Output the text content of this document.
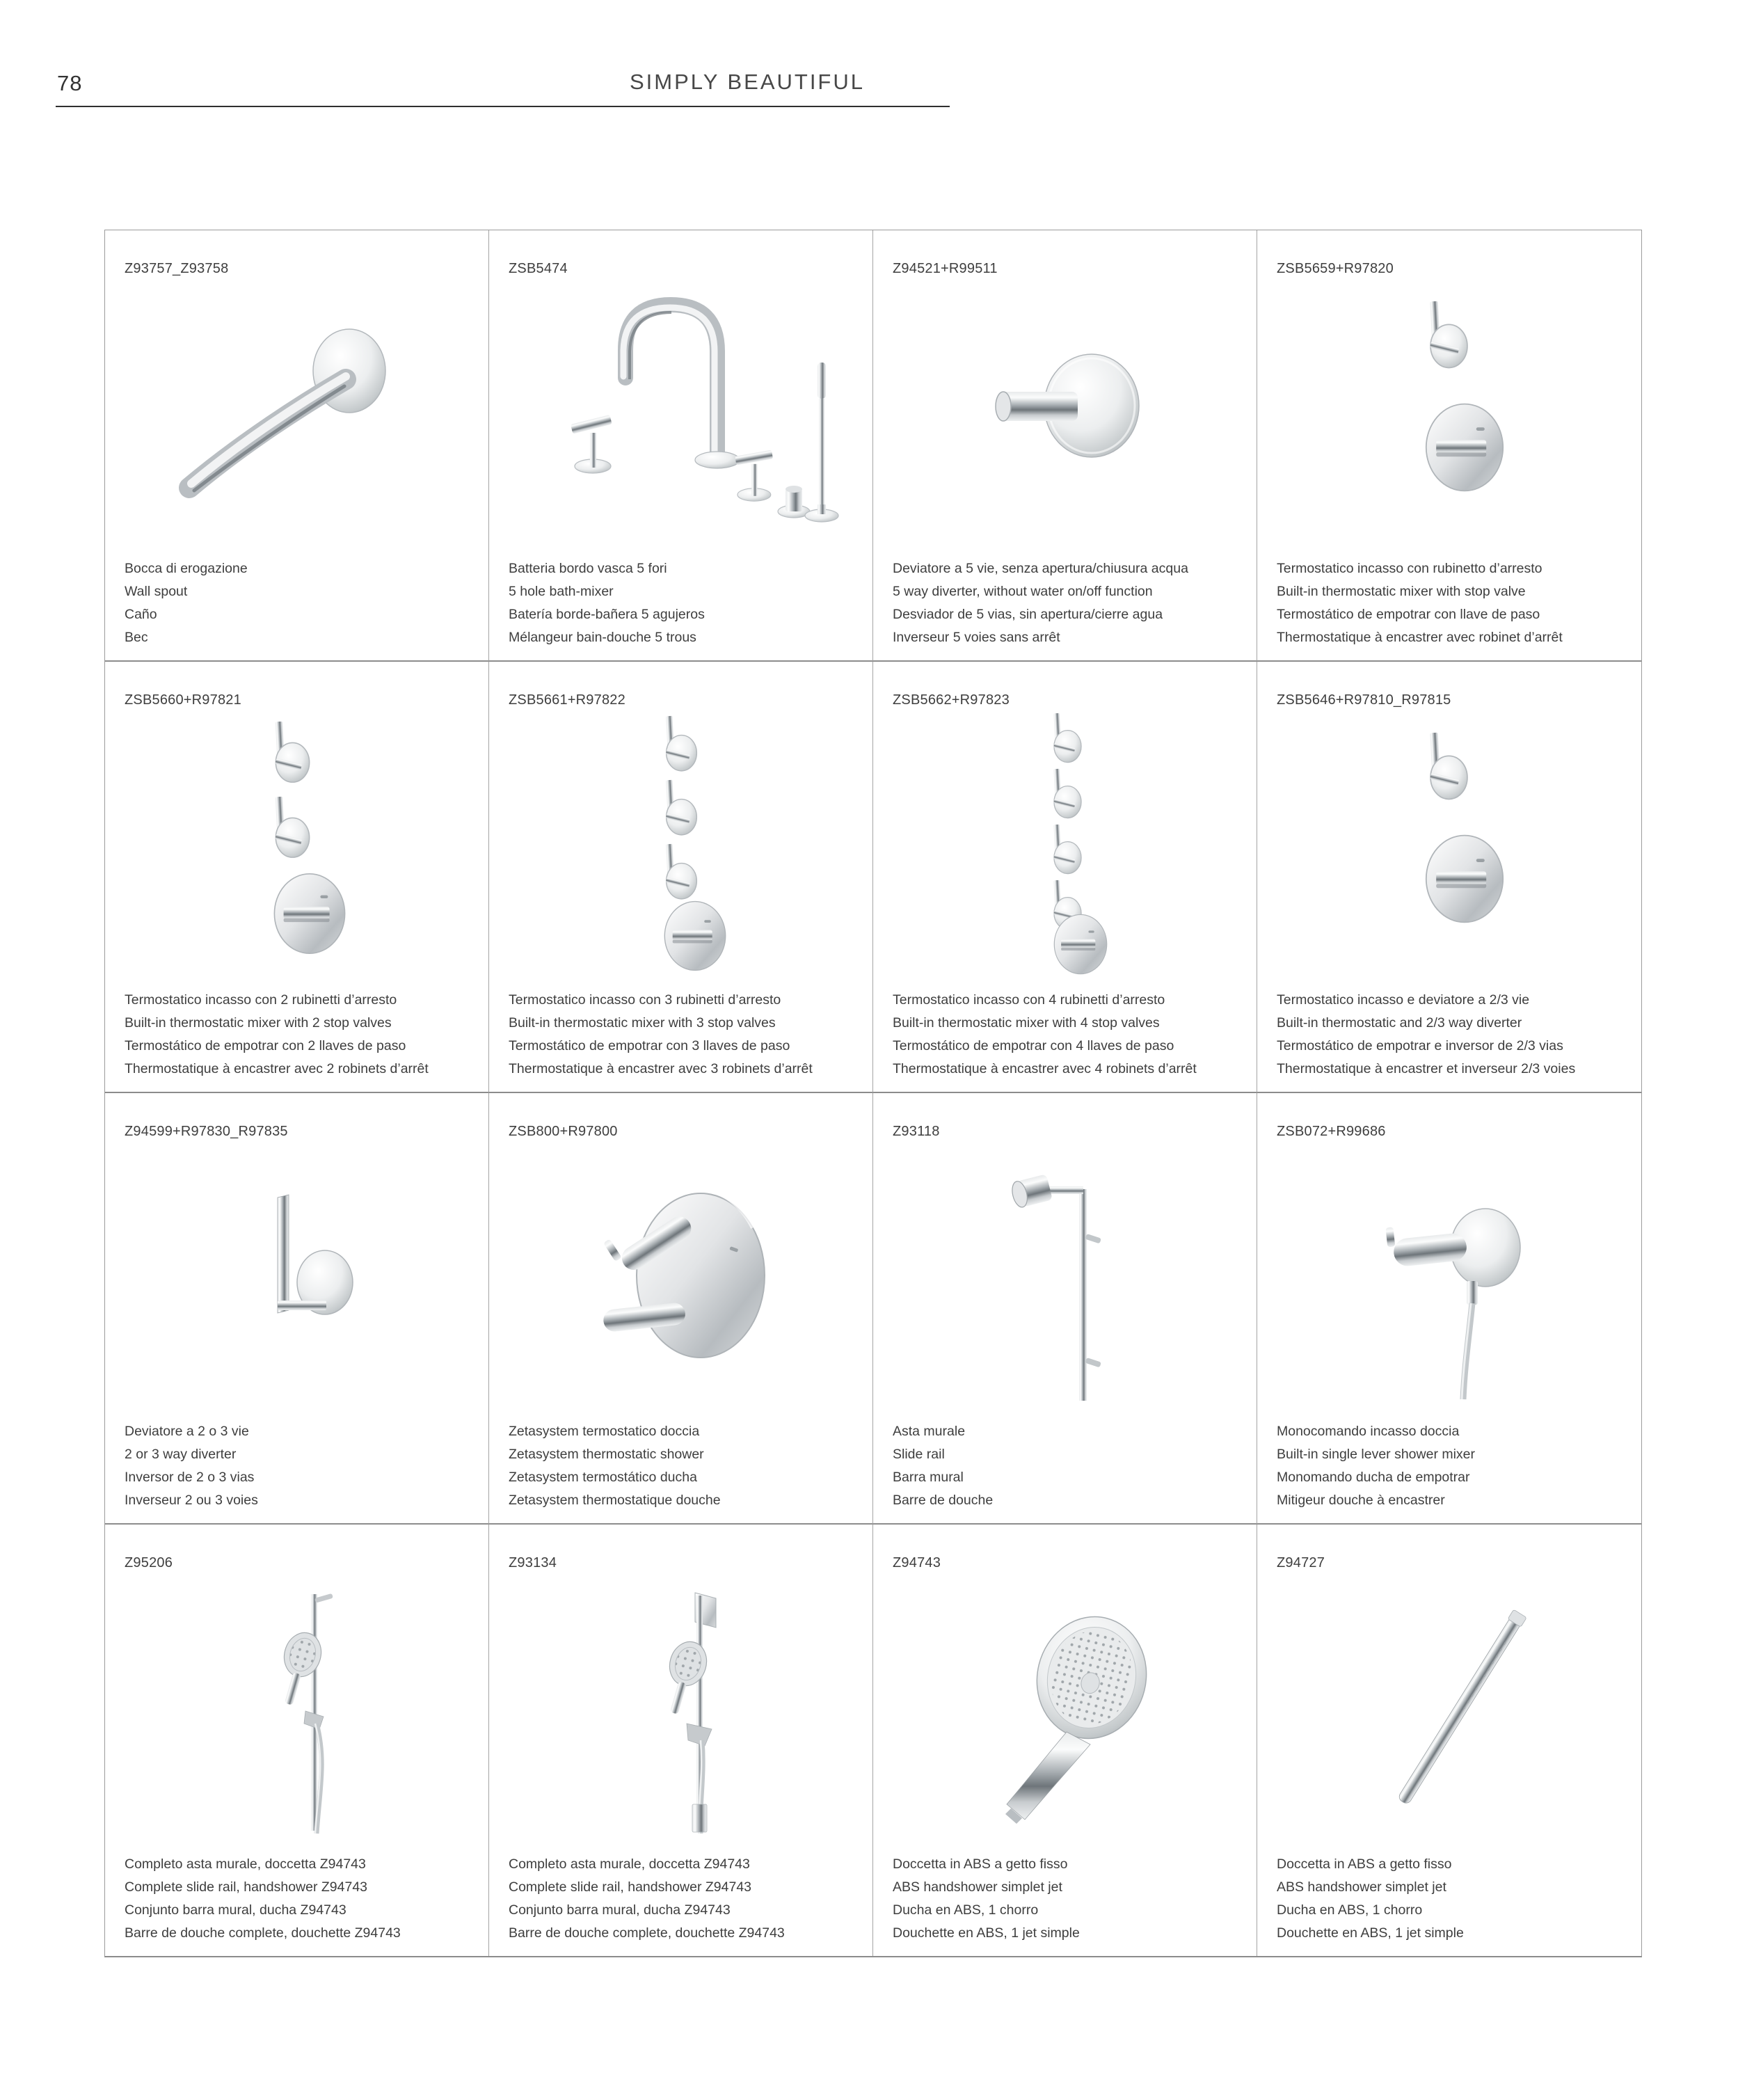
78	SIMPLY BEAUTIFUL
Z93757_Z93758
Bocca di erogazione
Wall spout
Caño
Bec
ZSB5474
Batteria bordo vasca 5 fori
5 hole bath-mixer
Batería borde-bañera 5 agujeros
Mélangeur bain-douche 5 trous
Z94521+R99511
Deviatore a 5 vie, senza apertura/chiusura acqua
5 way diverter, without water on/off function
Desviador de 5 vias, sin apertura/cierre agua
Inverseur 5 voies sans arrêt
ZSB5659+R97820
Termostatico incasso con rubinetto d’arresto
Built-in thermostatic mixer with stop valve
Termostático de empotrar con llave de paso
Thermostatique à encastrer avec robinet d’arrêt
ZSB5660+R97821
Termostatico incasso con 2 rubinetti d’arresto
Built-in thermostatic mixer with 2 stop valves
Termostático de empotrar con 2 llaves de paso
Thermostatique à encastrer avec 2 robinets d’arrêt
ZSB5661+R97822
Termostatico incasso con 3 rubinetti d’arresto
Built-in thermostatic mixer with 3 stop valves
Termostático de empotrar con 3 llaves de paso
Thermostatique à encastrer avec 3 robinets d’arrêt
ZSB5662+R97823
Termostatico incasso con 4 rubinetti d’arresto
Built-in thermostatic mixer with 4 stop valves
Termostático de empotrar con 4 llaves de paso
Thermostatique à encastrer avec 4 robinets d’arrêt
ZSB5646+R97810_R97815
Termostatico incasso e deviatore a 2/3 vie
Built-in thermostatic and 2/3 way diverter
Termostático de empotrar e inversor de 2/3 vias
Thermostatique à encastrer et inverseur 2/3 voies
Z94599+R97830_R97835
Deviatore a 2 o 3 vie
2 or 3 way diverter
Inversor de 2 o 3 vias
Inverseur 2 ou 3 voies
ZSB800+R97800
Zetasystem termostatico doccia
Zetasystem thermostatic shower
Zetasystem termostático ducha
Zetasystem thermostatique douche
Z93118
Asta murale
Slide rail
Barra mural
Barre de douche
ZSB072+R99686
Monocomando incasso doccia
Built-in single lever shower mixer
Monomando ducha de empotrar
Mitigeur douche à encastrer
Z95206
Completo asta murale, doccetta Z94743
Complete slide rail, handshower Z94743
Conjunto barra mural, ducha Z94743
Barre de douche complete, douchette Z94743
Z93134
Completo asta murale, doccetta Z94743
Complete slide rail, handshower Z94743
Conjunto barra mural, ducha Z94743
Barre de douche complete, douchette Z94743
Z94743
Doccetta in ABS a getto fisso
ABS handshower simplet jet
Ducha en ABS, 1 chorro
Douchette en ABS, 1 jet simple
Z94727
Doccetta in ABS a getto fisso
ABS handshower simplet jet
Ducha en ABS, 1 chorro
Douchette en ABS, 1 jet simple
